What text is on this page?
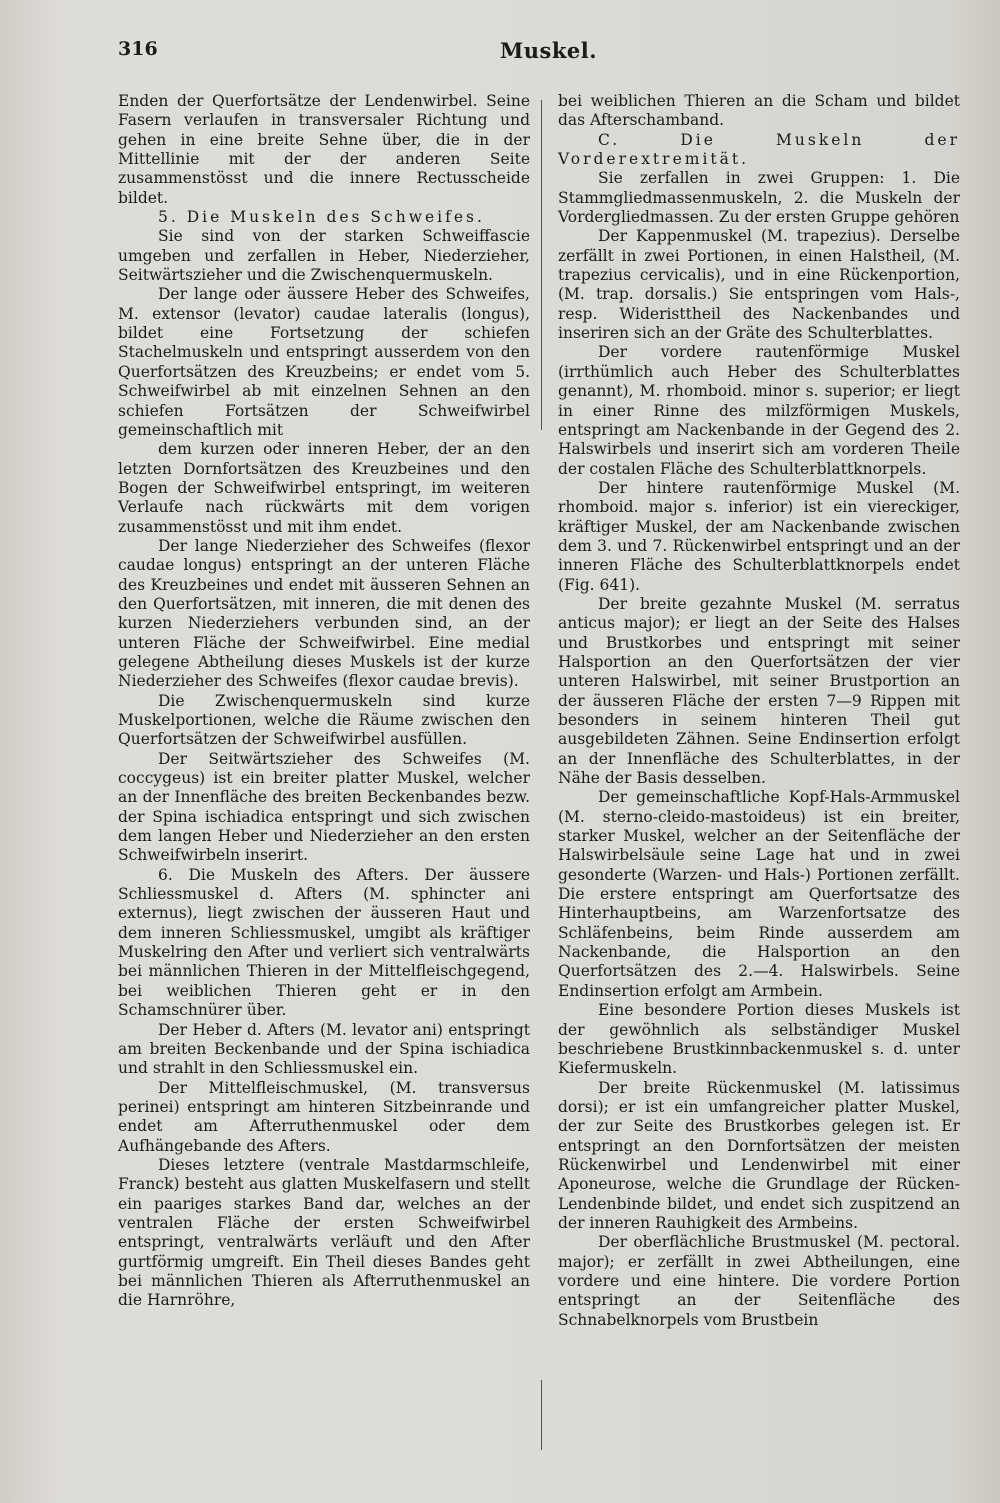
316	Muskel.

Enden der Querfortsätze der Lendenwirbel. Seine Fasern verlaufen in transversaler Richtung und gehen in eine breite Sehne über, die in der Mittellinie mit der der anderen Seite zusammenstösst und die innere Rectusscheide bildet.

5. Die Muskeln des Schweifes.

Sie sind von der starken Schweiffascie umgeben und zerfallen in Heber, Niederzieher, Seitwärtszieher und die Zwischenquermuskeln.

Der lange oder äussere Heber des Schweifes, M. extensor (levator) caudae lateralis (longus), bildet eine Fortsetzung der schiefen Stachelmuskeln und entspringt ausserdem von den Querfortsätzen des Kreuzbeins; er endet vom 5. Schweifwirbel ab mit einzelnen Sehnen an den schiefen Fortsätzen der Schweifwirbel gemeinschaftlich mit

dem kurzen oder inneren Heber, der an den letzten Dornfortsätzen des Kreuzbeines und den Bogen der Schweifwirbel entspringt, im weiteren Verlaufe nach rückwärts mit dem vorigen zusammenstösst und mit ihm endet.

Der lange Niederzieher des Schweifes (flexor caudae longus) entspringt an der unteren Fläche des Kreuzbeines und endet mit äusseren Sehnen an den Querfortsätzen, mit inneren, die mit denen des kurzen Niederziehers verbunden sind, an der unteren Fläche der Schweifwirbel. Eine medial gelegene Abtheilung dieses Muskels ist der kurze Niederzieher des Schweifes (flexor caudae brevis).

Die Zwischenquermuskeln sind kurze Muskelportionen, welche die Räume zwischen den Querfortsätzen der Schweifwirbel ausfüllen.

Der Seitwärtszieher des Schweifes (M. coccygeus) ist ein breiter platter Muskel, welcher an der Innenfläche des breiten Beckenbandes bezw. der Spina ischiadica entspringt und sich zwischen dem langen Heber und Niederzieher an den ersten Schweifwirbeln inserirt.

6. Die Muskeln des Afters. Der äussere Schliessmuskel d. Afters (M. sphincter ani externus), liegt zwischen der äusseren Haut und dem inneren Schliessmuskel, umgibt als kräftiger Muskelring den After und verliert sich ventralwärts bei männlichen Thieren in der Mittelfleischgegend, bei weiblichen Thieren geht er in den Schamschnürer über.

Der Heber d. Afters (M. levator ani) entspringt am breiten Beckenbande und der Spina ischiadica und strahlt in den Schliessmuskel ein.

Der Mittelfleischmuskel, (M. transversus perinei) entspringt am hinteren Sitzbeinrande und endet am Afterruthenmuskel oder dem Aufhängebande des Afters.

Dieses letztere (ventrale Mastdarmschleife, Franck) besteht aus glatten Muskelfasern und stellt ein paariges starkes Band dar, welches an der ventralen Fläche der ersten Schweifwirbel entspringt, ventralwärts verläuft und den After gurtförmig umgreift. Ein Theil dieses Bandes geht bei männlichen Thieren als Afterruthenmuskel an die Harnröhre,

bei weiblichen Thieren an die Scham und bildet das Afterschamband.

C. Die Muskeln der Vorderextremität.

Sie zerfallen in zwei Gruppen: 1. Die Stammgliedmassenmuskeln, 2. die Muskeln der Vordergliedmassen. Zu der ersten Gruppe gehören

Der Kappenmuskel (M. trapezius). Derselbe zerfällt in zwei Portionen, in einen Halstheil, (M. trapezius cervicalis), und in eine Rückenportion, (M. trap. dorsalis.) Sie entspringen vom Hals-, resp. Wideristtheil des Nackenbandes und inseriren sich an der Gräte des Schulterblattes.

Der vordere rautenförmige Muskel (irrthümlich auch Heber des Schulterblattes genannt), M. rhomboid. minor s. superior; er liegt in einer Rinne des milzförmigen Muskels, entspringt am Nackenbande in der Gegend des 2. Halswirbels und inserirt sich am vorderen Theile der costalen Fläche des Schulterblattknorpels.

Der hintere rautenförmige Muskel (M. rhomboid. major s. inferior) ist ein viereckiger, kräftiger Muskel, der am Nackenbande zwischen dem 3. und 7. Rückenwirbel entspringt und an der inneren Fläche des Schulterblattknorpels endet (Fig. 641).

Der breite gezahnte Muskel (M. serratus anticus major); er liegt an der Seite des Halses und Brustkorbes und entspringt mit seiner Halsportion an den Querfortsätzen der vier unteren Halswirbel, mit seiner Brustportion an der äusseren Fläche der ersten 7—9 Rippen mit besonders in seinem hinteren Theil gut ausgebildeten Zähnen. Seine Endinsertion erfolgt an der Innenfläche des Schulterblattes, in der Nähe der Basis desselben.

Der gemeinschaftliche Kopf-Hals-Armmuskel (M. sterno-cleido-mastoideus) ist ein breiter, starker Muskel, welcher an der Seitenfläche der Halswirbelsäule seine Lage hat und in zwei gesonderte (Warzen- und Hals-) Portionen zerfällt. Die erstere entspringt am Querfortsatze des Hinterhauptbeins, am Warzenfortsatze des Schläfenbeins, beim Rinde ausserdem am Nackenbande, die Halsportion an den Querfortsätzen des 2.—4. Halswirbels. Seine Endinsertion erfolgt am Armbein.

Eine besondere Portion dieses Muskels ist der gewöhnlich als selbständiger Muskel beschriebene Brustkinnbackenmuskel s. d. unter Kiefermuskeln.

Der breite Rückenmuskel (M. latissimus dorsi); er ist ein umfangreicher platter Muskel, der zur Seite des Brustkorbes gelegen ist. Er entspringt an den Dornfortsätzen der meisten Rückenwirbel und Lendenwirbel mit einer Aponeurose, welche die Grundlage der Rücken-Lendenbinde bildet, und endet sich zuspitzend an der inneren Rauhigkeit des Armbeins.

Der oberflächliche Brustmuskel (M. pectoral. major); er zerfällt in zwei Abtheilungen, eine vordere und eine hintere. Die vordere Portion entspringt an der Seitenfläche des Schnabelknorpels vom Brustbein
